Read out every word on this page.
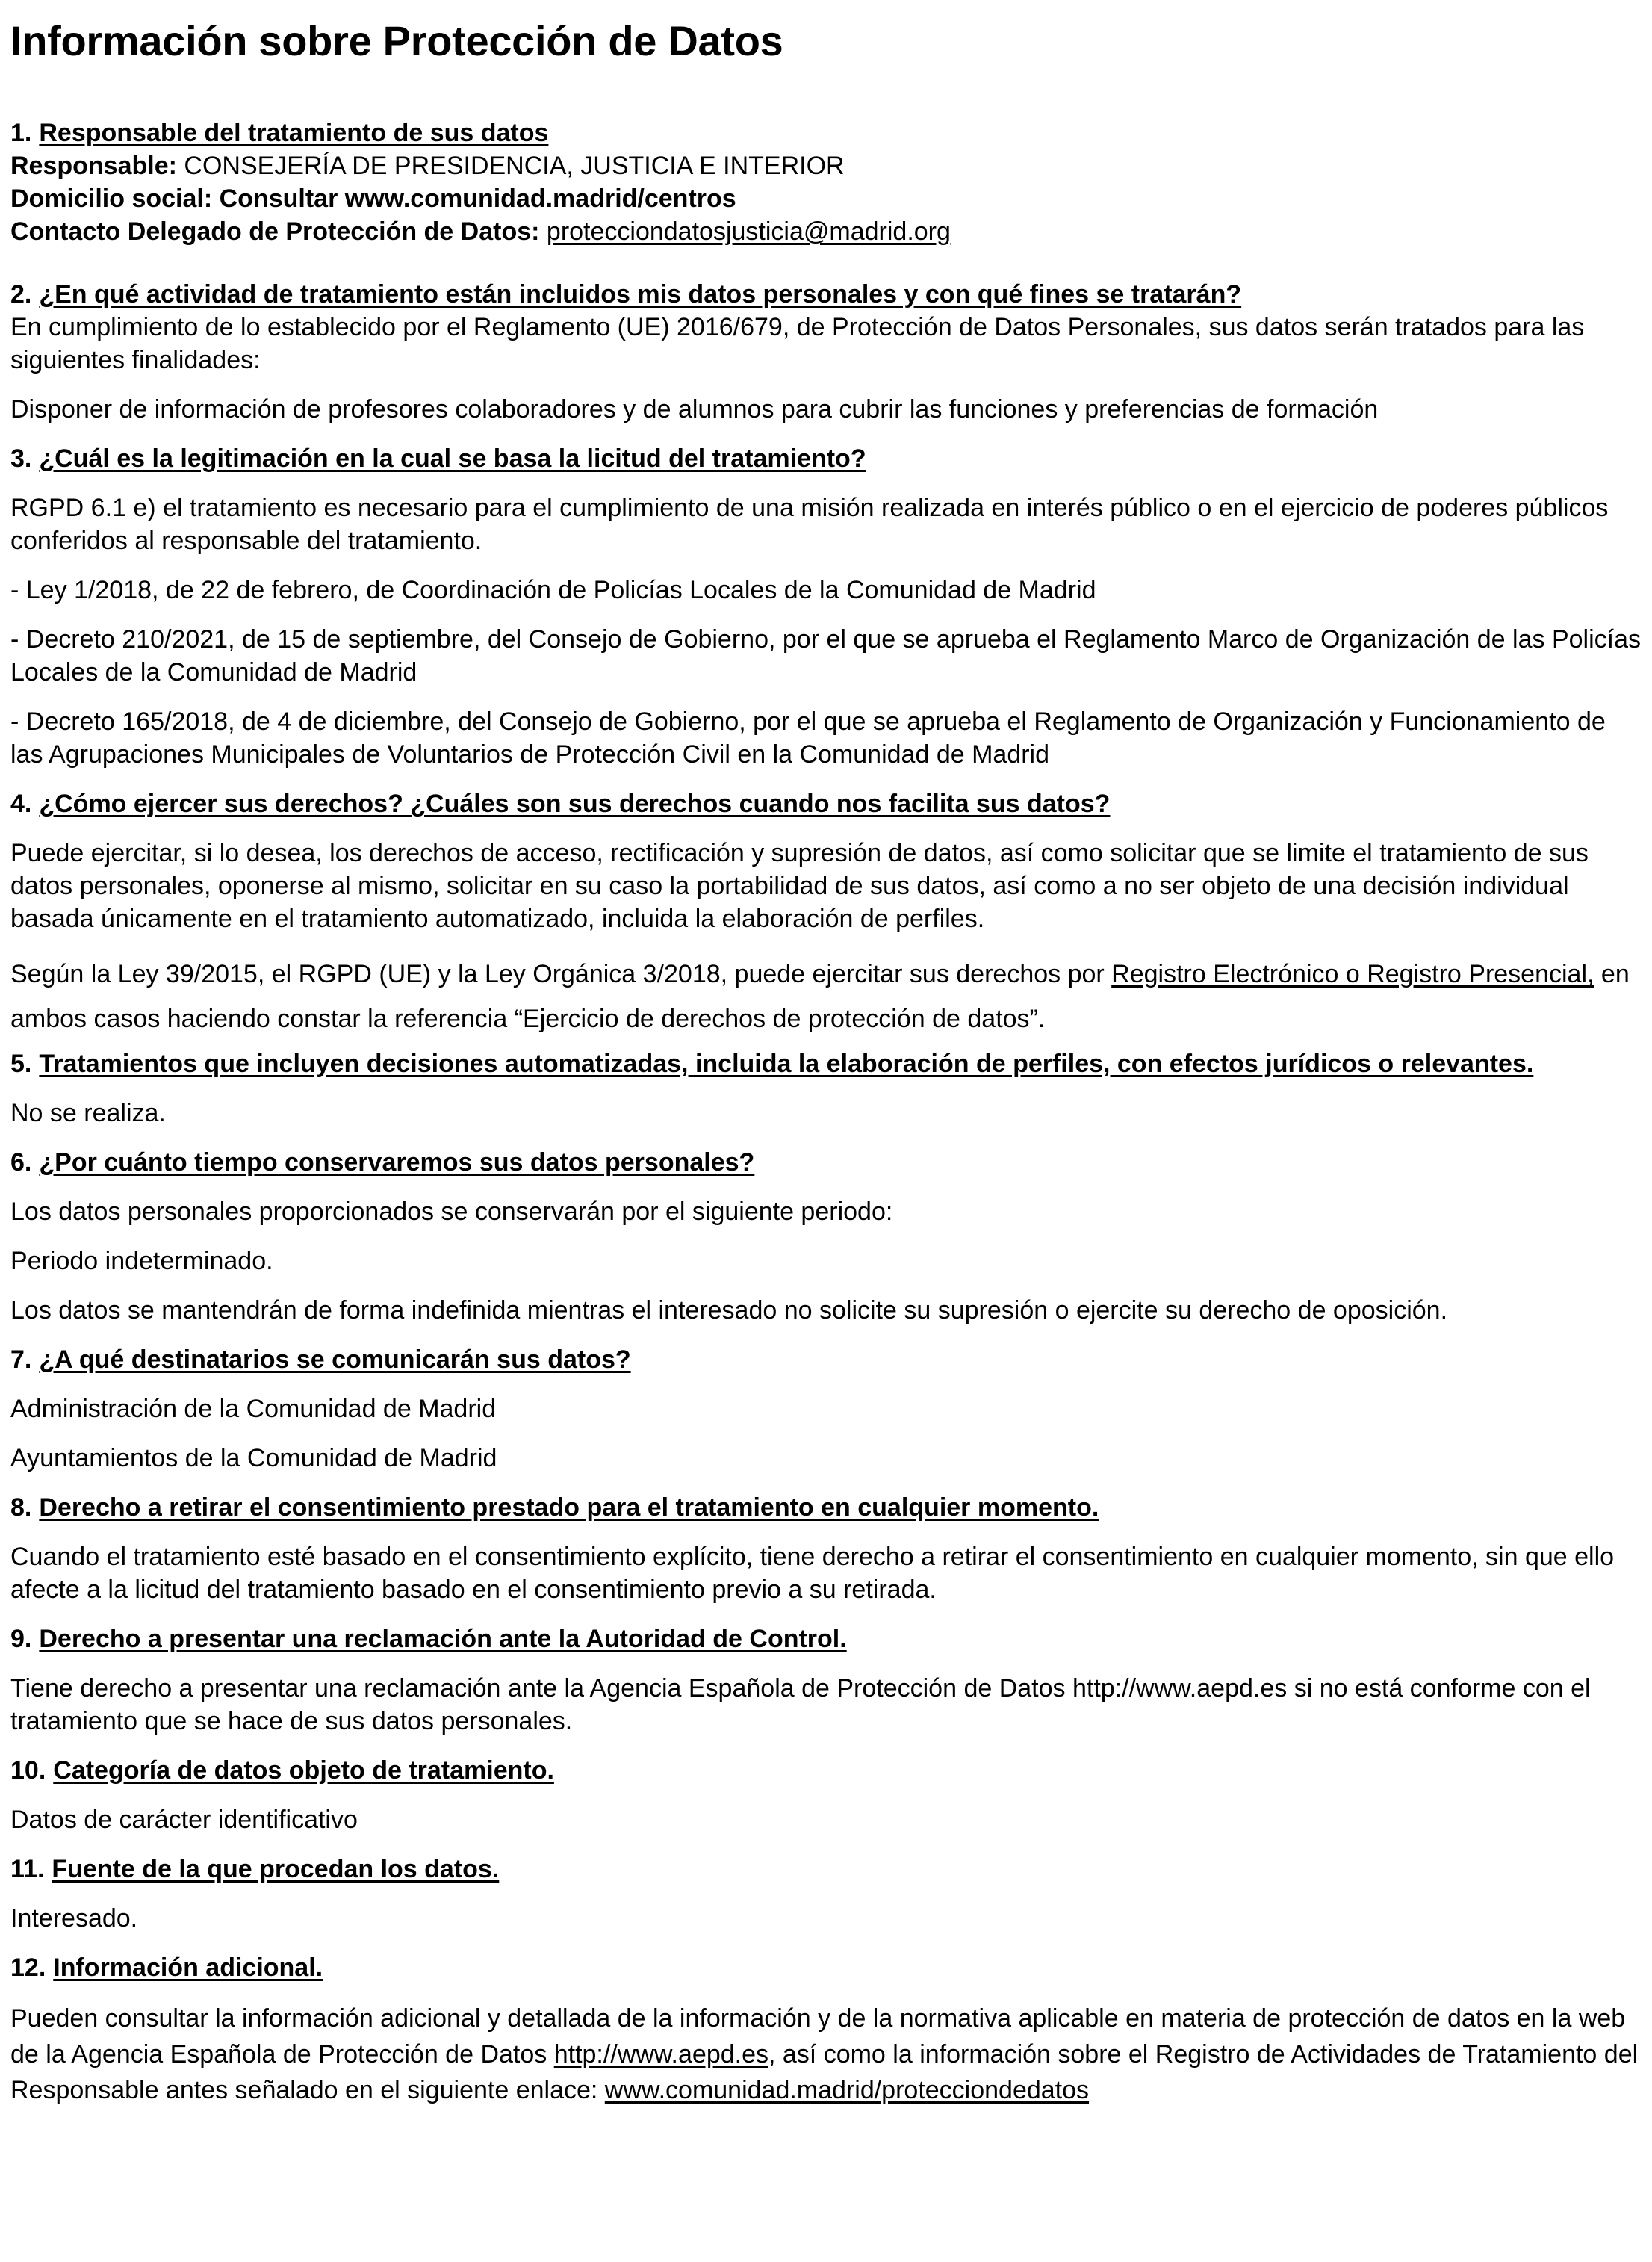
Información sobre Protección de Datos
1. Responsable del tratamiento de sus datos

Responsable: CONSEJERÍA DE PRESIDENCIA, JUSTICIA E INTERIOR

Domicilio social: Consultar www.comunidad.madrid/centros

Contacto Delegado de Protección de Datos: protecciondatosjusticia@madrid.org

2. ¿En qué actividad de tratamiento están incluidos mis datos personales y con qué fines se tratarán?

En cumplimiento de lo establecido por el Reglamento (UE) 2016/679, de Protección de Datos Personales, sus datos serán tratados para las siguientes finalidades:

Disponer de información de profesores colaboradores y de alumnos para cubrir las funciones y preferencias de formación

3. ¿Cuál es la legitimación en la cual se basa la licitud del tratamiento?

RGPD 6.1 e) el tratamiento es necesario para el cumplimiento de una misión realizada en interés público o en el ejercicio de poderes públicos conferidos al responsable del tratamiento.

- Ley 1/2018, de 22 de febrero, de Coordinación de Policías Locales de la Comunidad de Madrid

- Decreto 210/2021, de 15 de septiembre, del Consejo de Gobierno, por el que se aprueba el Reglamento Marco de Organización de las Policías Locales de la Comunidad de Madrid

- Decreto 165/2018, de 4 de diciembre, del Consejo de Gobierno, por el que se aprueba el Reglamento de Organización y Funcionamiento de las Agrupaciones Municipales de Voluntarios de Protección Civil en la Comunidad de Madrid

4. ¿Cómo ejercer sus derechos? ¿Cuáles son sus derechos cuando nos facilita sus datos?

Puede ejercitar, si lo desea, los derechos de acceso, rectificación y supresión de datos, así como solicitar que se limite el tratamiento de sus datos personales, oponerse al mismo, solicitar en su caso la portabilidad de sus datos, así como a no ser objeto de una decisión individual basada únicamente en el tratamiento automatizado, incluida la elaboración de perfiles.

Según la Ley 39/2015, el RGPD (UE) y la Ley Orgánica 3/2018, puede ejercitar sus derechos por Registro Electrónico o Registro Presencial, en ambos casos haciendo constar la referencia “Ejercicio de derechos de protección de datos”.

5. Tratamientos que incluyen decisiones automatizadas, incluida la elaboración de perfiles, con efectos jurídicos o relevantes.

No se realiza.

6. ¿Por cuánto tiempo conservaremos sus datos personales?

Los datos personales proporcionados se conservarán por el siguiente periodo:

Periodo indeterminado.

Los datos se mantendrán de forma indefinida mientras el interesado no solicite su supresión o ejercite su derecho de oposición.

7. ¿A qué destinatarios se comunicarán sus datos?

Administración de la Comunidad de Madrid

Ayuntamientos de la Comunidad de Madrid

8. Derecho a retirar el consentimiento prestado para el tratamiento en cualquier momento.

Cuando el tratamiento esté basado en el consentimiento explícito, tiene derecho a retirar el consentimiento en cualquier momento, sin que ello afecte a la licitud del tratamiento basado en el consentimiento previo a su retirada.

9. Derecho a presentar una reclamación ante la Autoridad de Control.

Tiene derecho a presentar una reclamación ante la Agencia Española de Protección de Datos http://www.aepd.es si no está conforme con el tratamiento que se hace de sus datos personales.

10. Categoría de datos objeto de tratamiento.

Datos de carácter identificativo

11. Fuente de la que procedan los datos.

Interesado.

12. Información adicional.

Pueden consultar la información adicional y detallada de la información y de la normativa aplicable en materia de protección de datos en la web de la Agencia Española de Protección de Datos http://www.aepd.es, así como la información sobre el Registro de Actividades de Tratamiento del Responsable antes señalado en el siguiente enlace: www.comunidad.madrid/protecciondedatos
